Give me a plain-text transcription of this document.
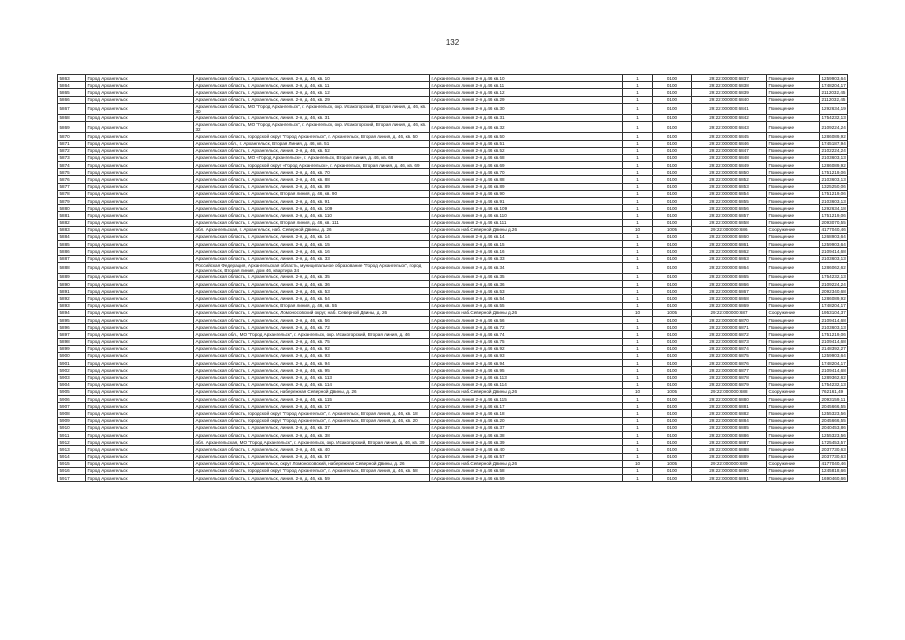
132
5863	Город Архангельск	Архангельская область, г. Архангельск, линия. 2-я, д. 46, кв. 10	г.Архангельск линия 2-я д.46 кв.10	1	0100	29:22:000000:6837	Помещение	1259903,64
5864	Город Архангельск	Архангельская область, г. Архангельск, линия. 2-я, д. 46, кв. 11	г.Архангельск линия 2-я д.46 кв.11	1	0100	29:22:000000:6838	Помещение	1748204,17
5865	Город Архангельск	Архангельская область, г. Архангельск, линия. 2-я, д. 46, кв. 12	г.Архангельск линия 2-я д.46 кв.12	1	0100	29:22:000000:6839	Помещение	2112032,45
5866	Город Архангельск	Архангельская область, г. Архангельск, линия. 2-я, д. 46, кв. 29	г.Архангельск линия 2-я д.46 кв.29	1	0100	29:22:000000:6840	Помещение	2112032,45
5867	Город Архангельск	Архангельская область, МО "Город Архангельск", г. Архангельск, окр. Исакогорский, Вторая линия, д. 46, кв. 30	г.Архангельск линия 2-я д.46 кв.30	1	0100	29:22:000000:6841	Помещение	1292634,19
5868	Город Архангельск	Архангельская область, г. Архангельск, линия. 2-я, д. 46, кв. 31	г.Архангельск линия 2-я д.46 кв.31	1	0100	29:22:000000:6842	Помещение	1754232,13
5869	Город Архангельск	Архангельская область, МО "Город Архангельск", г. Архангельск, окр. Исакогорский, Вторая линия, д. 46, кв. 32	г.Архангельск линия 2-я д.46 кв.32	1	0100	29:22:000000:6843	Помещение	2109224,24
5870	Город Архангельск	Архангельская область, городской округ "Город Архангельск", г. Архангельск, Вторая линия, д. 46, кв. 50	г.Архангельск линия 2-я д.46 кв.50	1	0100	29:22:000000:6845	Помещение	1286089,92
5871	Город Архангельск	Архангельская обл., г. Архангельск, Вторая Линия, д. 46, кв. 51	г.Архангельск линия 2-я д.46 кв.51	1	0100	29:22:000000:6846	Помещение	1745187,94
5872	Город Архангельск	Архангельская область, г. Архангельск, линия. 2-я, д. 46, кв. 52	г.Архангельск линия 2-я д.46 кв.52	1	0100	29:22:000000:6847	Помещение	2102224,24
5873	Город Архангельск	Архангельская область, МО «Город Архангельск», г. Архангельск, Вторая линия, д. 46, кв. 68	г.Архангельск линия 2-я д.46 кв.68	1	0100	29:22:000000:6848	Помещение	2103603,13
5874	Город Архангельск	Архангельская область, городской округ «Город Архангельск», г. Архангельск, Вторая линия, д. 46, кв. 69	г.Архангельск линия 2-я д.46 кв.69	1	0100	29:22:000000:6849	Помещение	1286089,92
5875	Город Архангельск	Архангельская область, г. Архангельск, линия. 2-я, д. 46, кв. 70	г.Архангельск линия 2-я д.46 кв.70	1	0100	29:22:000000:6850	Помещение	1751219,06
5876	Город Архангельск	Архангельская область, г. Архангельск, линия. 2-я, д. 46, кв. 88	г.Архангельск линия 2-я д.46 кв.88	1	0100	29:22:000000:6852	Помещение	2103603,13
5877	Город Архангельск	Архангельская область, г. Архангельск, линия. 2-я, д. 46, кв. 89	г.Архангельск линия 2-я д.46 кв.89	1	0100	29:22:000000:6853	Помещение	1325250,06
5878	Город Архангельск	Архангельская область, г. Архангельск, Вторая линия, д. 46, кв. 90	г.Архангельск линия 2-я д.46 кв.90	1	0100	29:22:000000:6854	Помещение	1751219,06
5879	Город Архангельск	Архангельская область, г. Архангельск, линия. 2-я, д. 46, кв. 91	г.Архангельск линия 2-я д.46 кв.91	1	0100	29:22:000000:6855	Помещение	2103603,13
5880	Город Архангельск	Архангельская область, г. Архангельск, линия. 2-я, д. 46, кв. 109	г.Архангельск линия 2-я д.46 кв.109	1	0100	29:22:000000:6856	Помещение	1292634,18
5881	Город Архангельск	Архангельская область, г. Архангельск, линия. 2-я, д. 46, кв. 110	г.Архангельск линия 2-я д.46 кв.110	1	0100	29:22:000000:6857	Помещение	1751219,06
5882	Город Архангельск	Архангельская область, г. Архангельск, Вторая линия, д. 46, кв. 111	г.Архангельск линия 2-я д.46 кв.111	1	0100	29:22:000000:6858	Помещение	2093070,55
5883	Город Архангельск	обл. Архангельская, г. Архангельск, наб. Северной Двины, д. 26	г.Архангельск наб.Северной Двины д.26	10	1005	29:22:000000:686	Сооружение	4177040,46
5884	Город Архангельск	Архангельская область, г. Архангельск, линия. 2-я, д. 46, кв. 14	г.Архангельск линия 2-я д.46 кв.14	1	0100	29:22:000000:6860	Помещение	1268903,64
5885	Город Архангельск	Архангельская область, г. Архангельск, линия. 2-я, д. 46, кв. 15	г.Архангельск линия 2-я д.46 кв.15	1	0100	29:22:000000:6861	Помещение	1259903,64
5886	Город Архангельск	Архангельская область, г. Архангельск, линия. 2-я, д. 46, кв. 16	г.Архангельск линия 2-я д.46 кв.16	1	0100	29:22:000000:6862	Помещение	2109414,68
5887	Город Архангельск	Архангельская область, г. Архангельск, линия. 2-я, д. 46, кв. 33	г.Архангельск линия 2-я д.46 кв.33	1	0100	29:22:000000:6863	Помещение	2103603,13
5888	Город Архангельск	Российская Федерация, Архангельская область, муниципальное образование "Город Архангельск", город Архангельск, Вторая линия, дом 46, квартира 34	г.Архангельск линия 2-я д.46 кв.34	1	0100	29:22:000000:6864	Помещение	1286062,62
5889	Город Архангельск	Архангельская область, г. Архангельск, линия. 2-я, д. 46, кв. 35	г.Архангельск линия 2-я д.46 кв.35	1	0100	29:22:000000:6865	Помещение	1754232,13
5890	Город Архангельск	Архангельская область, г. Архангельск, линия. 2-я, д. 46, кв. 36	г.Архангельск линия 2-я д.46 кв.36	1	0100	29:22:000000:6866	Помещение	2109224,24
5891	Город Архангельск	Архангельская область, г. Архангельск, линия. 2-я, д. 46, кв. 53	г.Архангельск линия 2-я д.46 кв.53	1	0100	29:22:000000:6867	Помещение	2092340,68
5892	Город Архангельск	Архангельская область, г. Архангельск, линия. 2-я, д. 46, кв. 54	г.Архангельск линия 2-я д.46 кв.54	1	0100	29:22:000000:6868	Помещение	1286089,92
5893	Город Архангельск	Архангельская область, г. Архангельск, Вторая линия, д. 46, кв. 55	г.Архангельск линия 2-я д.46 кв.55	1	0100	29:22:000000:6869	Помещение	1748204,17
5894	Город Архангельск	Архангельская область, г. Архангельск, Ломоносовский округ, наб. Северной Двины, д. 26	г.Архангельск наб.Северной Двины д.26	10	1005	29:22:000000:687	Сооружение	1953104,37
5895	Город Архангельск	Архангельская область, г. Архангельск, линия. 2-я, д. 46, кв. 56	г.Архангельск линия 2-я д.46 кв.56	1	0100	29:22:000000:6870	Помещение	2109414,68
5896	Город Архангельск	Архангельская область, г. Архангельск, линия. 2-я, д. 46, кв. 72	г.Архангельск линия 2-я д.46 кв.72	1	0100	29:22:000000:6871	Помещение	2103603,13
5897	Город Архангельск	Архангельская обл., МО "Город Архангельск", г. Архангельск, окр. Исакогорский, Вторая линия, д. 46	г.Архангельск линия 2-я д.46 кв.74	1	0100	29:22:000000:6872	Помещение	1751219,06
5898	Город Архангельск	Архангельская область, г. Архангельск, линия. 2-я, д. 46, кв. 75	г.Архангельск линия 2-я д.46 кв.75	1	0100	29:22:000000:6873	Помещение	2109414,68
5899	Город Архангельск	Архангельская область, г. Архангельск, линия. 2-я, д. 46, кв. 92	г.Архангельск линия 2-я д.46 кв.92	1	0100	29:22:000000:6874	Помещение	2148392,27
5900	Город Архангельск	Архангельская область, г. Архангельск, линия. 2-я, д. 46, кв. 93	г.Архангельск линия 2-я д.46 кв.93	1	0100	29:22:000000:6875	Помещение	1259903,64
5901	Город Архангельск	Архангельская область, г. Архангельск, линия. 2-я, д. 46, кв. 94	г.Архангельск линия 2-я д.46 кв.94	1	0100	29:22:000000:6876	Помещение	1748204,17
5902	Город Архангельск	Архангельская область, г. Архангельск, линия. 2-я, д. 46, кв. 95	г.Архангельск линия 2-я д.46 кв.95	1	0100	29:22:000000:6877	Помещение	2109414,68
5903	Город Архангельск	Архангельская область, г. Архангельск, линия. 2-я, д. 46, кв. 113	г.Архангельск линия 2-я д.46 кв.113	1	0100	29:22:000000:6878	Помещение	1289362,62
5904	Город Архангельск	Архангельская область, г. Архангельск, линия. 2-я, д. 46, кв. 114	г.Архангельск линия 2-я д.46 кв.114	1	0100	29:22:000000:6879	Помещение	1754232,13
5905	Город Архангельск	Архангельская область, г. Архангельск, набережная Северной Двины, д. 26	г.Архангельск наб.Северной Двины д.26	10	1005	29:22:000000:688	Сооружение	762161,49
5906	Город Архангельск	Архангельская область, г. Архангельск, линия. 2-я, д. 46, кв. 115	г.Архангельск линия 2-я д.46 кв.115	1	0100	29:22:000000:6880	Помещение	2093159,11
5907	Город Архангельск	Архангельская область, г. Архангельск, линия. 2-я, д. 46, кв. 17	г.Архангельск линия 2-я д.46 кв.17	1	0100	29:22:000000:6881	Помещение	2045666,55
5908	Город Архангельск	Архангельская область, городской округ "Город Архангельск", г. Архангельск, Вторая линия, д. 46, кв. 18	г.Архангельск линия 2-я д.46 кв.18	1	0100	29:22:000000:6882	Помещение	1255323,56
5909	Город Архангельск	Архангельская область, городской округ "Город Архангельск", г. Архангельск, Вторая линия, д. 46, кв. 20	г.Архангельск линия 2-я д.46 кв.20	1	0100	29:22:000000:6884	Помещение	2045666,55
5910	Город Архангельск	Архангельская область, г. Архангельск, линия. 2-я, д. 46, кв. 37	г.Архангельск линия 2-я д.46 кв.37	1	0100	29:22:000000:6885	Помещение	2040453,86
5911	Город Архангельск	Архангельская область, г. Архангельск, линия. 2-я, д. 46, кв. 38	г.Архангельск линия 2-я д.46 кв.38	1	0100	29:22:000000:6886	Помещение	1255323,56
5912	Город Архангельск	обл. Архангельская, МО "Город Архангельск", г. Архангельск, окр. Исакогорский, Вторая линия, д. 46, кв. 39	г.Архангельск линия 2-я д.46 кв.39	1	0100	29:22:000000:6887	Помещение	1725453,57
5913	Город Архангельск	Архангельская область, г. Архангельск, линия. 2-я, д. 46, кв. 40	г.Архангельск линия 2-я д.46 кв.40	1	0100	29:22:000000:6888	Помещение	2037730,63
5914	Город Архангельск	Архангельская область, г. Архангельск, линия. 2-я, д. 46, кв. 57	г.Архангельск линия 2-я д.46 кв.57	1	0100	29:22:000000:6889	Помещение	2037730,63
5915	Город Архангельск	Архангельская область, г. Архангельск, округ Ломоносовский, набережная Северной Двины, д. 26	г.Архангельск наб.Северной Двины д.26	10	1005	29:22:000000:689	Сооружение	4177040,46
5916	Город Архангельск	Архангельская область, городской округ "Город Архангельск", г. Архангельск, Вторая линия, д. 46, кв. 58	г.Архангельск линия 2-я д.46 кв.58	1	0100	29:22:000000:6890	Помещение	1245818,66
5917	Город Архангельск	Архангельская область, г. Архангельск, линия. 2-я, д. 46, кв. 59	г.Архангельск линия 2-я д.46 кв.59	1	0100	29:22:000000:6891	Помещение	1690460,66
